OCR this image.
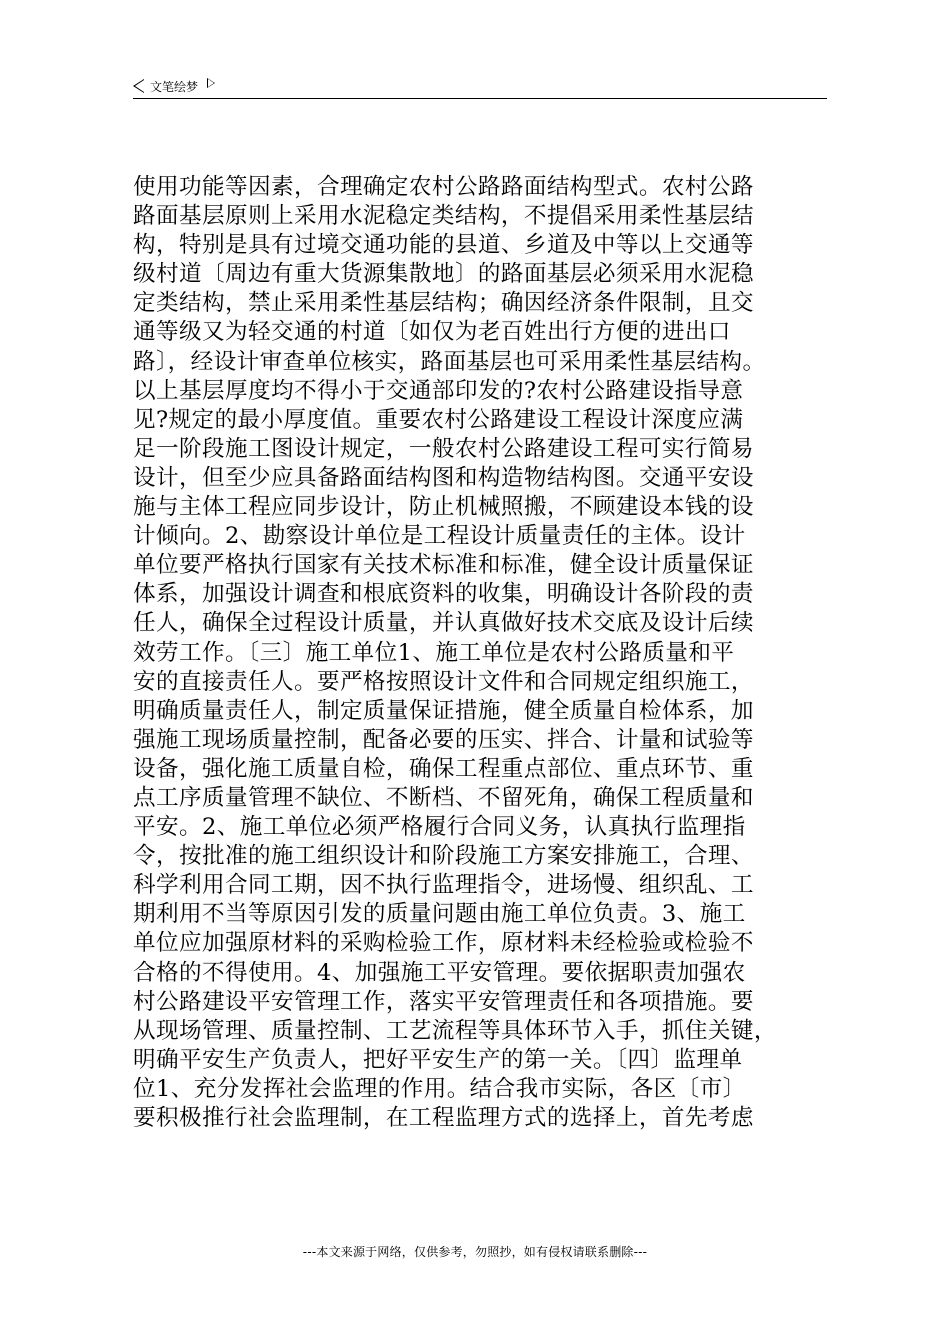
文笔绘梦
使用功能等因素，合理确定农村公路路面结构型式。农村公路
路面基层原则上采用水泥稳定类结构，不提倡采用柔性基层结
构，特别是具有过境交通功能的县道、乡道及中等以上交通等
级村道〔周边有重大货源集散地〕的路面基层必须采用水泥稳
定类结构，禁止采用柔性基层结构；确因经济条件限制，且交
通等级又为轻交通的村道〔如仅为老百姓出行方便的进出口
路〕，经设计审查单位核实，路面基层也可采用柔性基层结构。
以上基层厚度均不得小于交通部印发的?农村公路建设指导意
见?规定的最小厚度值。重要农村公路建设工程设计深度应满
足一阶段施工图设计规定，一般农村公路建设工程可实行简易
设计，但至少应具备路面结构图和构造物结构图。交通平安设
施与主体工程应同步设计，防止机械照搬，不顾建设本钱的设
计倾向。2、勘察设计单位是工程设计质量责任的主体。设计
单位要严格执行国家有关技术标准和标准，健全设计质量保证
体系，加强设计调查和根底资料的收集，明确设计各阶段的责
任人，确保全过程设计质量，并认真做好技术交底及设计后续
效劳工作。〔三〕施工单位1、施工单位是农村公路质量和平
安的直接责任人。要严格按照设计文件和合同规定组织施工，
明确质量责任人，制定质量保证措施，健全质量自检体系，加
强施工现场质量控制，配备必要的压实、拌合、计量和试验等
设备，强化施工质量自检，确保工程重点部位、重点环节、重
点工序质量管理不缺位、不断档、不留死角，确保工程质量和
平安。2、施工单位必须严格履行合同义务，认真执行监理指
令，按批准的施工组织设计和阶段施工方案安排施工，合理、
科学利用合同工期，因不执行监理指令，进场慢、组织乱、工
期利用不当等原因引发的质量问题由施工单位负责。3、施工
单位应加强原材料的采购检验工作，原材料未经检验或检验不
合格的不得使用。4、加强施工平安管理。要依据职责加强农
村公路建设平安管理工作，落实平安管理责任和各项措施。要
从现场管理、质量控制、工艺流程等具体环节入手，抓住关键，
明确平安生产负责人，把好平安生产的第一关。〔四〕监理单
位1、充分发挥社会监理的作用。结合我市实际，各区〔市〕
要积极推行社会监理制，在工程监理方式的选择上，首先考虑
---本文来源于网络，仅供参考，勿照抄，如有侵权请联系删除---
